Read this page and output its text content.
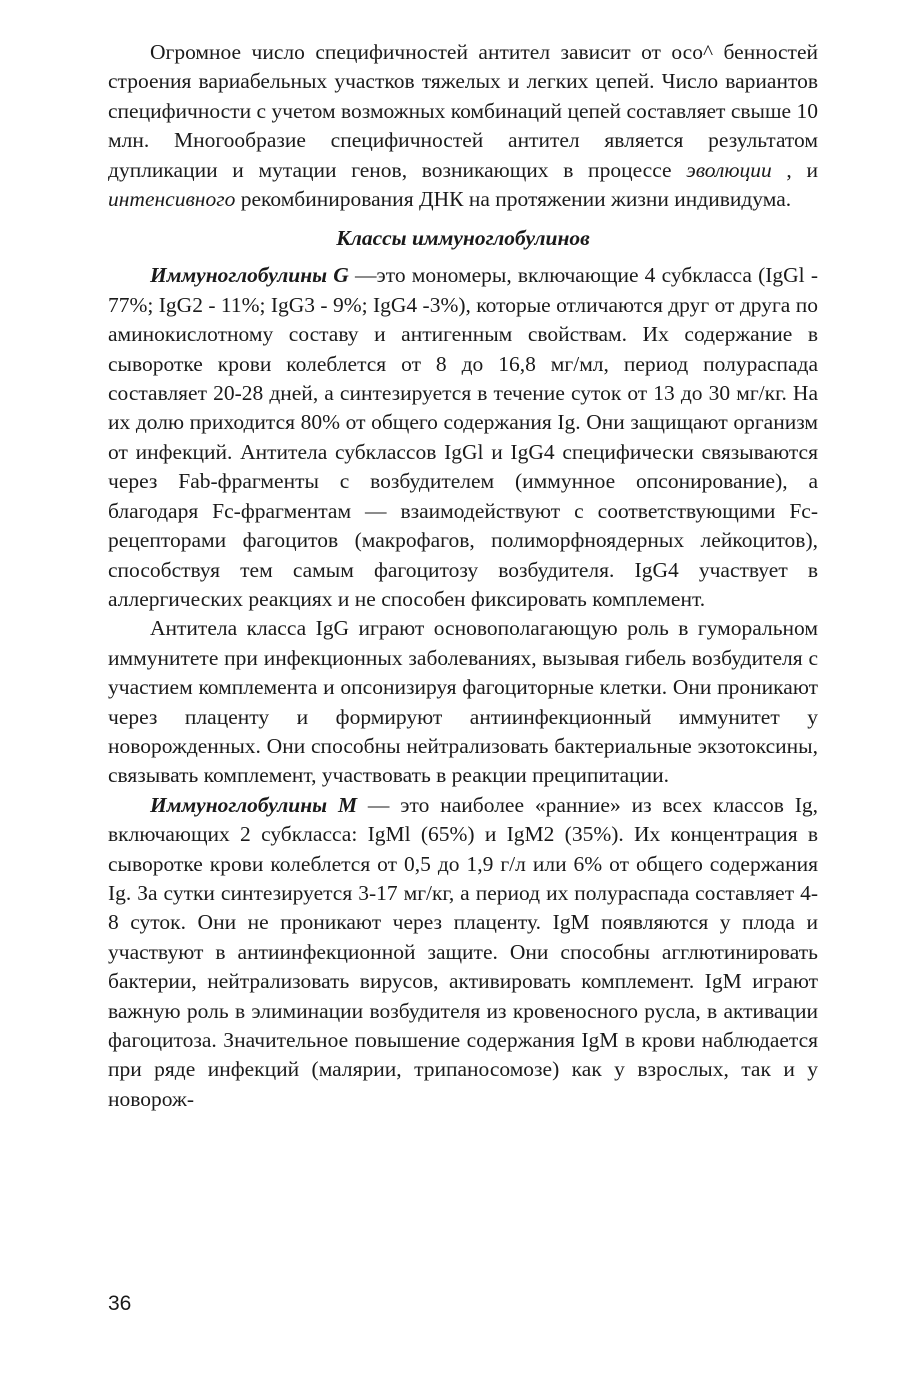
Огромное число специфичностей антител зависит от осо^ бенностей строения вариабельных участков тяжелых и легких цепей. Число вариантов специфичности с учетом возможных комбинаций цепей составляет свыше 10 млн. Многообразие специфичностей антител является результатом дупликации и мутации генов, возникающих в процессе эволюции , и интенсивного рекомбинирования ДНК на протяжении жизни индивидума.

Классы иммуноглобулинов

Иммуноглобулины G —это мономеры, включающие 4 субкласса (IgGl - 77%; IgG2 - 11%; IgG3 - 9%; IgG4 -3%), которые отличаются друг от друга по аминокислотному составу и антигенным свойствам. Их содержание в сыворотке крови колеблется от 8 до 16,8 мг/мл, период полураспада составляет 20-28 дней, а синтезируется в течение суток от 13 до 30 мг/кг. На их долю приходится 80% от общего содержания Ig. Они защищают организм от инфекций. Антитела субклассов IgGl и IgG4 специфически связываются через Fab-фрагменты с возбудителем (иммунное опсонирование), а благодаря Fc-фрагментам — взаимодействуют с соответствующими Fc-рецепторами фагоцитов (макрофагов, полиморфноядерных лейкоцитов), способствуя тем самым фагоцитозу возбудителя. IgG4 участвует в аллергических реакциях и не способен фиксировать комплемент.

Антитела класса IgG играют основополагающую роль в гуморальном иммунитете при инфекционных заболеваниях, вызывая гибель возбудителя с участием комплемента и опсонизируя фагоциторные клетки. Они проникают через плаценту и формируют антиинфекционный иммунитет у новорожденных. Они способны нейтрализовать бактериальные экзотоксины, связывать комплемент, участвовать в реакции преципитации.

Иммуноглобулины М — это наиболее «ранние» из всех классов Ig, включающих 2 субкласса: IgMl (65%) и IgM2 (35%). Их концентрация в сыворотке крови колеблется от 0,5 до 1,9 г/л или 6% от общего содержания Ig. За сутки синтезируется 3-17 мг/кг, а период их полураспада составляет 4-8 суток. Они не проникают через плаценту. IgM появляются у плода и участвуют в антиинфекционной защите. Они способны агглютинировать бактерии, нейтрализовать вирусов, активировать комплемент. IgM играют важную роль в элиминации возбудителя из кровеносного русла, в активации фагоцитоза. Значительное повышение содержания IgM в крови наблюдается при ряде инфекций (малярии, трипаносомозе) как у взрослых, так и у новорож-

36
